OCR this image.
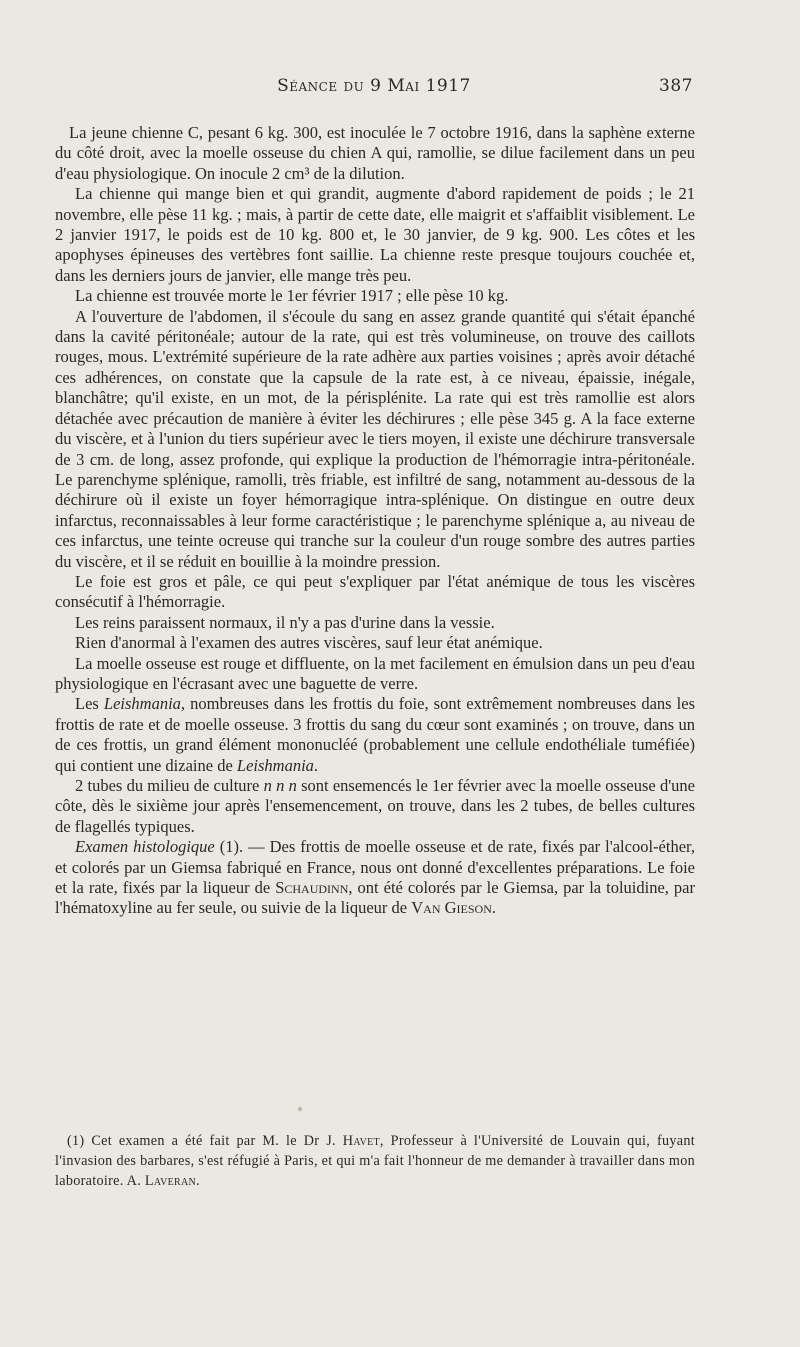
Séance du 9 Mai 1917	387

La jeune chienne C, pesant 6 kg. 300, est inoculée le 7 octobre 1916, dans la saphène externe du côté droit, avec la moelle osseuse du chien A qui, ramollie, se dilue facilement dans un peu d'eau physiologique. On inocule 2 cm³ de la dilution.

La chienne qui mange bien et qui grandit, augmente d'abord rapidement de poids ; le 21 novembre, elle pèse 11 kg. ; mais, à partir de cette date, elle maigrit et s'affaiblit visiblement. Le 2 janvier 1917, le poids est de 10 kg. 800 et, le 30 janvier, de 9 kg. 900. Les côtes et les apophyses épineuses des vertèbres font saillie. La chienne reste presque toujours couchée et, dans les derniers jours de janvier, elle mange très peu.

La chienne est trouvée morte le 1er février 1917 ; elle pèse 10 kg.

A l'ouverture de l'abdomen, il s'écoule du sang en assez grande quantité qui s'était épanché dans la cavité péritonéale; autour de la rate, qui est très volumineuse, on trouve des caillots rouges, mous. L'extrémité supérieure de la rate adhère aux parties voisines ; après avoir détaché ces adhérences, on constate que la capsule de la rate est, à ce niveau, épaissie, inégale, blanchâtre; qu'il existe, en un mot, de la périsplénite. La rate qui est très ramollie est alors détachée avec précaution de manière à éviter les déchirures ; elle pèse 345 g. A la face externe du viscère, et à l'union du tiers supérieur avec le tiers moyen, il existe une déchirure transversale de 3 cm. de long, assez profonde, qui explique la production de l'hémorragie intra-péritonéale. Le parenchyme splénique, ramolli, très friable, est infiltré de sang, notamment au-dessous de la déchirure où il existe un foyer hémorragique intra-splénique. On distingue en outre deux infarctus, reconnaissables à leur forme caractéristique ; le parenchyme splénique a, au niveau de ces infarctus, une teinte ocreuse qui tranche sur la couleur d'un rouge sombre des autres parties du viscère, et il se réduit en bouillie à la moindre pression.

Le foie est gros et pâle, ce qui peut s'expliquer par l'état anémique de tous les viscères consécutif à l'hémorragie.

Les reins paraissent normaux, il n'y a pas d'urine dans la vessie.

Rien d'anormal à l'examen des autres viscères, sauf leur état anémique.

La moelle osseuse est rouge et diffluente, on la met facilement en émulsion dans un peu d'eau physiologique en l'écrasant avec une baguette de verre.

Les Leishmania, nombreuses dans les frottis du foie, sont extrêmement nombreuses dans les frottis de rate et de moelle osseuse. 3 frottis du sang du cœur sont examinés ; on trouve, dans un de ces frottis, un grand élément mononucléé (probablement une cellule endothéliale tuméfiée) qui contient une dizaine de Leishmania.

2 tubes du milieu de culture n n n sont ensemencés le 1er février avec la moelle osseuse d'une côte, dès le sixième jour après l'ensemencement, on trouve, dans les 2 tubes, de belles cultures de flagellés typiques.

Examen histologique (1). — Des frottis de moelle osseuse et de rate, fixés par l'alcool-éther, et colorés par un Giemsa fabriqué en France, nous ont donné d'excellentes préparations. Le foie et la rate, fixés par la liqueur de Schaudinn, ont été colorés par le Giemsa, par la toluidine, par l'hématoxyline au fer seule, ou suivie de la liqueur de Van Gieson.

(1) Cet examen a été fait par M. le Dr J. Havet, Professeur à l'Université de Louvain qui, fuyant l'invasion des barbares, s'est réfugié à Paris, et qui m'a fait l'honneur de me demander à travailler dans mon laboratoire. A. Laveran.
